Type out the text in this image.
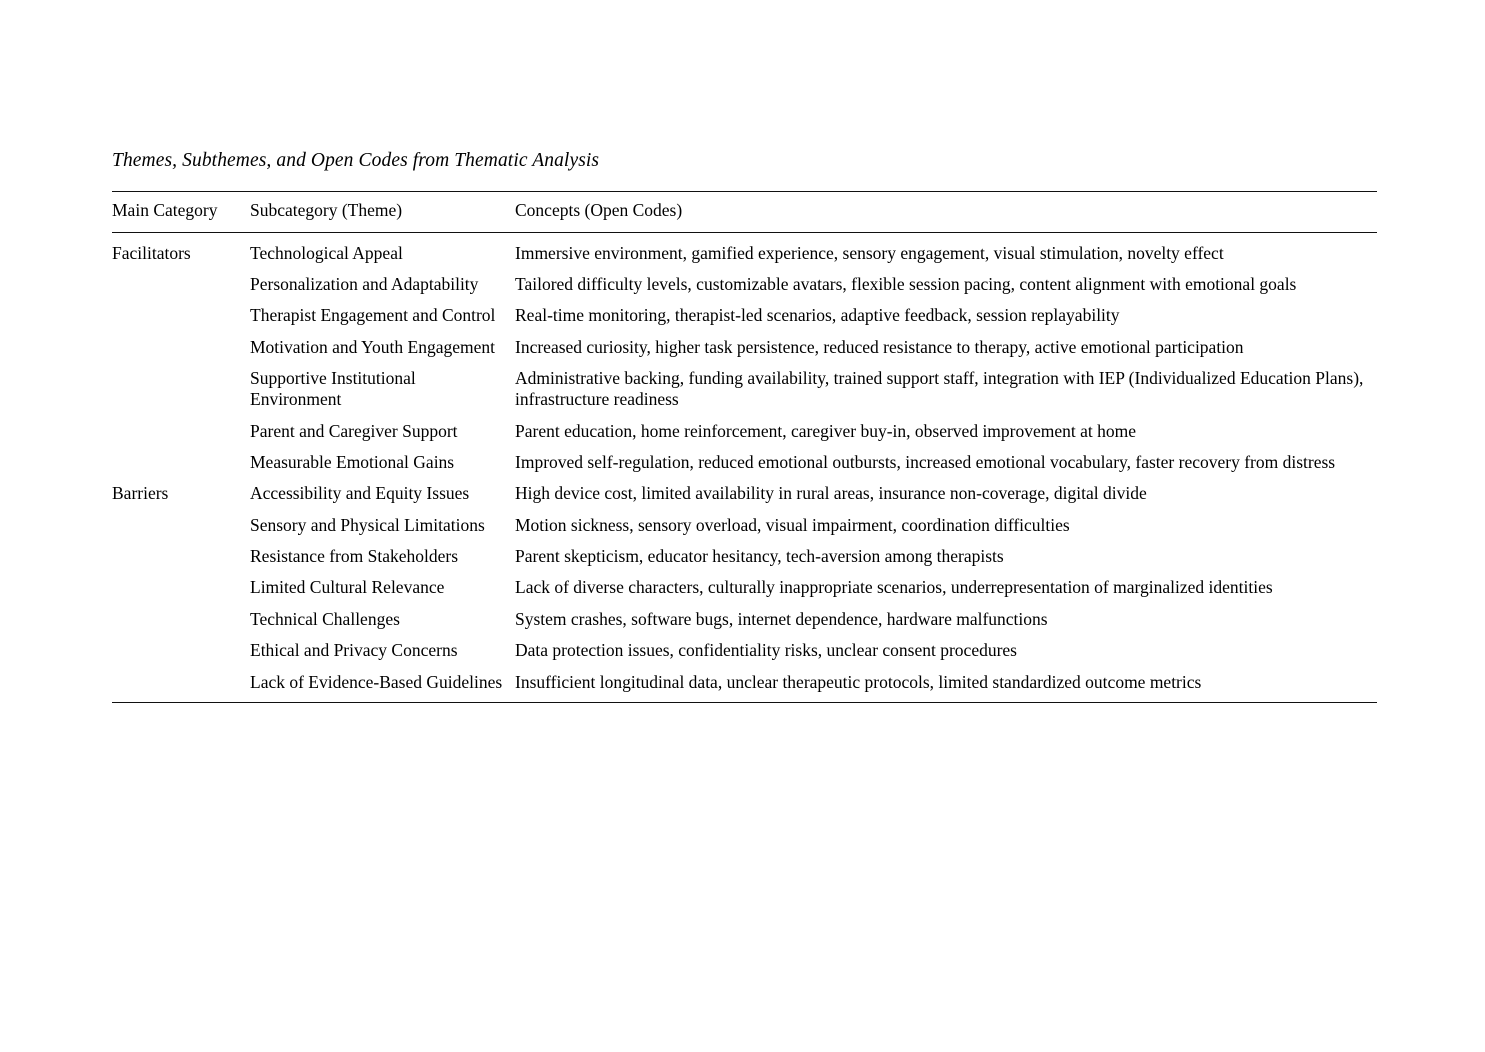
Themes, Subthemes, and Open Codes from Thematic Analysis
Main Category	Subcategory (Theme)	Concepts (Open Codes)
Facilitators	Technological Appeal	Immersive environment, gamified experience, sensory engagement, visual stimulation, novelty effect
	Personalization and Adaptability	Tailored difficulty levels, customizable avatars, flexible session pacing, content alignment with emotional goals
	Therapist Engagement and Control	Real-time monitoring, therapist-led scenarios, adaptive feedback, session replayability
	Motivation and Youth Engagement	Increased curiosity, higher task persistence, reduced resistance to therapy, active emotional participation
	Supportive Institutional Environment	Administrative backing, funding availability, trained support staff, integration with IEP (Individualized Education Plans), infrastructure readiness
	Parent and Caregiver Support	Parent education, home reinforcement, caregiver buy-in, observed improvement at home
	Measurable Emotional Gains	Improved self-regulation, reduced emotional outbursts, increased emotional vocabulary, faster recovery from distress
Barriers	Accessibility and Equity Issues	High device cost, limited availability in rural areas, insurance non-coverage, digital divide
	Sensory and Physical Limitations	Motion sickness, sensory overload, visual impairment, coordination difficulties
	Resistance from Stakeholders	Parent skepticism, educator hesitancy, tech-aversion among therapists
	Limited Cultural Relevance	Lack of diverse characters, culturally inappropriate scenarios, underrepresentation of marginalized identities
	Technical Challenges	System crashes, software bugs, internet dependence, hardware malfunctions
	Ethical and Privacy Concerns	Data protection issues, confidentiality risks, unclear consent procedures
	Lack of Evidence-Based Guidelines	Insufficient longitudinal data, unclear therapeutic protocols, limited standardized outcome metrics
